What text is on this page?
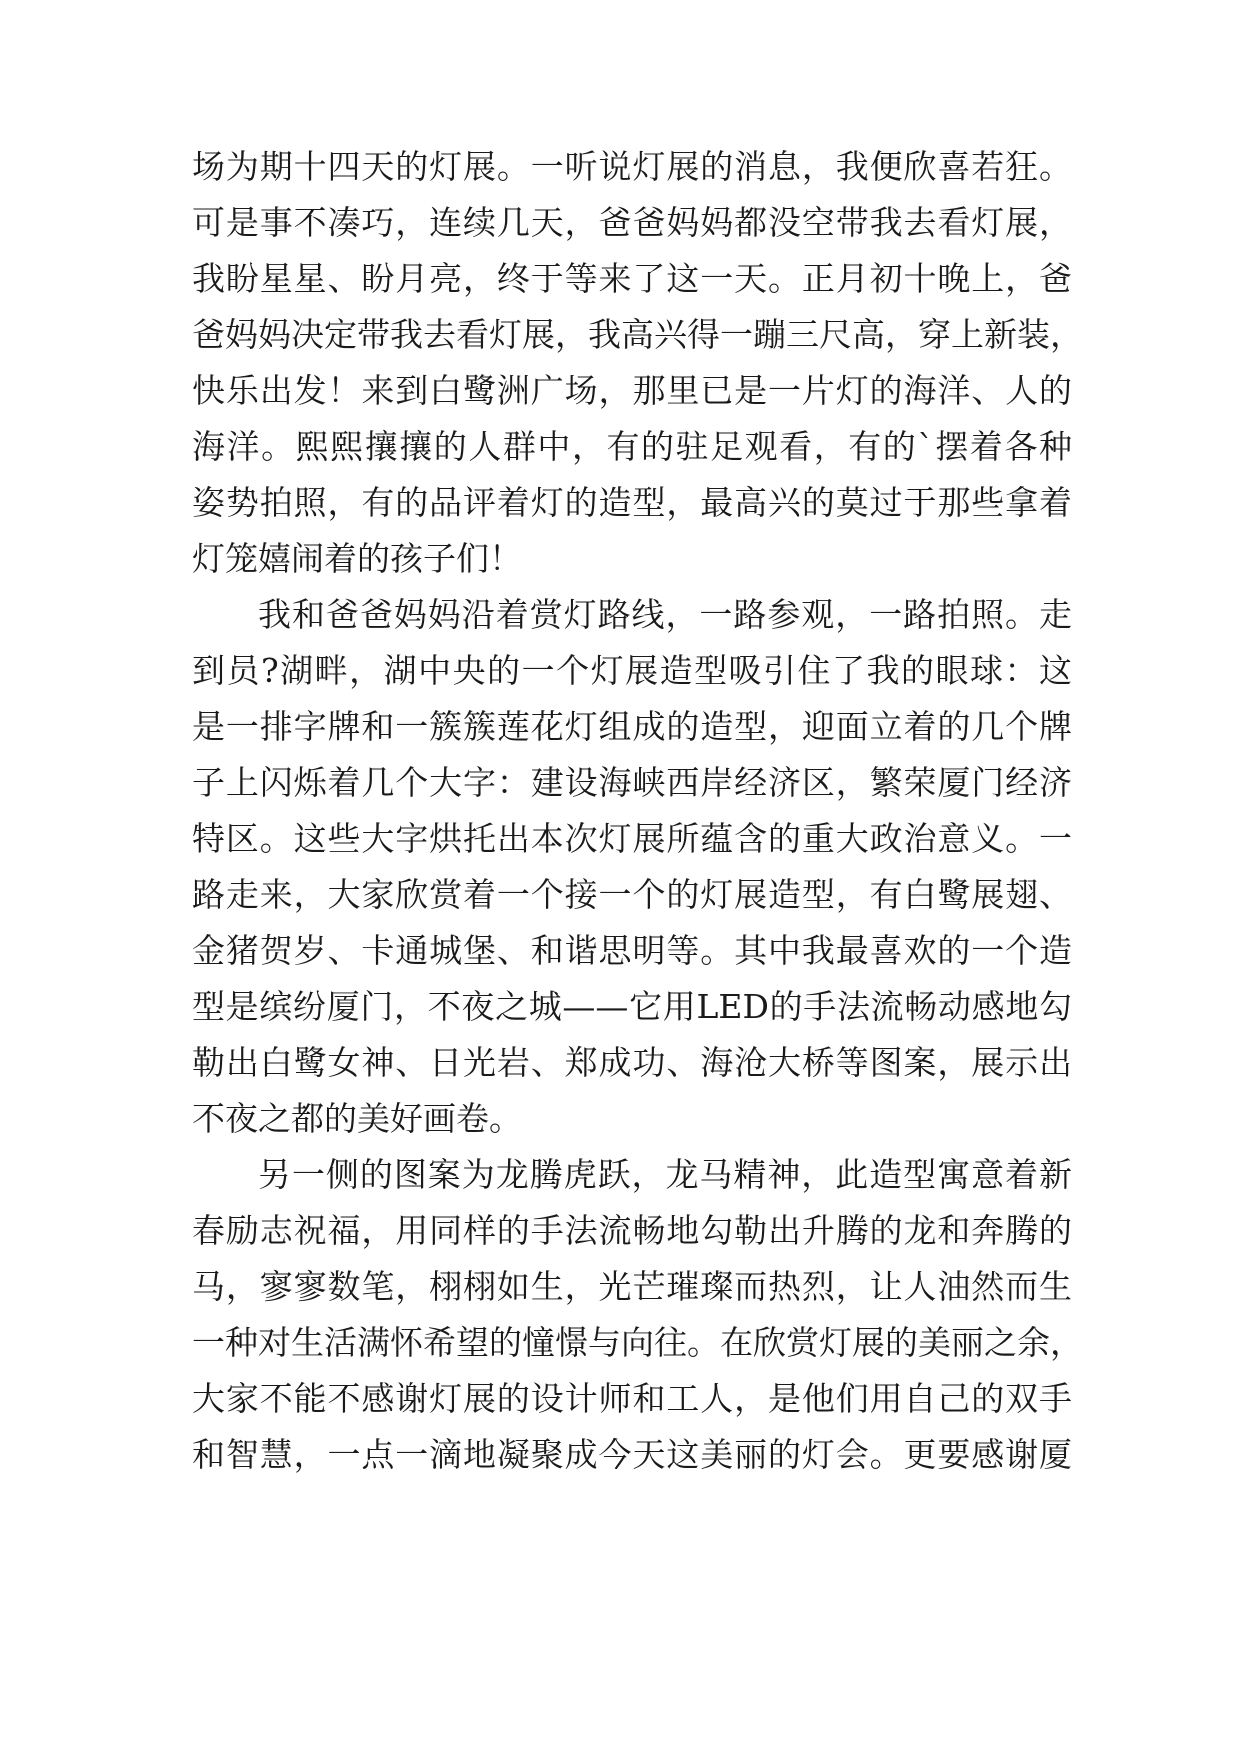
场为期十四天的灯展。一听说灯展的消息，我便欣喜若狂。
可是事不凑巧，连续几天，爸爸妈妈都没空带我去看灯展，
我盼星星、盼月亮，终于等来了这一天。正月初十晚上，爸
爸妈妈决定带我去看灯展，我高兴得一蹦三尺高，穿上新装，
快乐出发！来到白鹭洲广场，那里已是一片灯的海洋、人的
海洋。熙熙攘攘的人群中，有的驻足观看，有的`摆着各种
姿势拍照，有的品评着灯的造型，最高兴的莫过于那些拿着
灯笼嬉闹着的孩子们！
我和爸爸妈妈沿着赏灯路线，一路参观，一路拍照。走
到员?湖畔，湖中央的一个灯展造型吸引住了我的眼球：这
是一排字牌和一簇簇莲花灯组成的造型，迎面立着的几个牌
子上闪烁着几个大字：建设海峡西岸经济区，繁荣厦门经济
特区。这些大字烘托出本次灯展所蕴含的重大政治意义。一
路走来，大家欣赏着一个接一个的灯展造型，有白鹭展翅、
金猪贺岁、卡通城堡、和谐思明等。其中我最喜欢的一个造
型是缤纷厦门，不夜之城——它用LED的手法流畅动感地勾
勒出白鹭女神、日光岩、郑成功、海沧大桥等图案，展示出
不夜之都的美好画卷。
另一侧的图案为龙腾虎跃，龙马精神，此造型寓意着新
春励志祝福，用同样的手法流畅地勾勒出升腾的龙和奔腾的
马，寥寥数笔，栩栩如生，光芒璀璨而热烈，让人油然而生
一种对生活满怀希望的憧憬与向往。在欣赏灯展的美丽之余，
大家不能不感谢灯展的设计师和工人，是他们用自己的双手
和智慧，一点一滴地凝聚成今天这美丽的灯会。更要感谢厦
